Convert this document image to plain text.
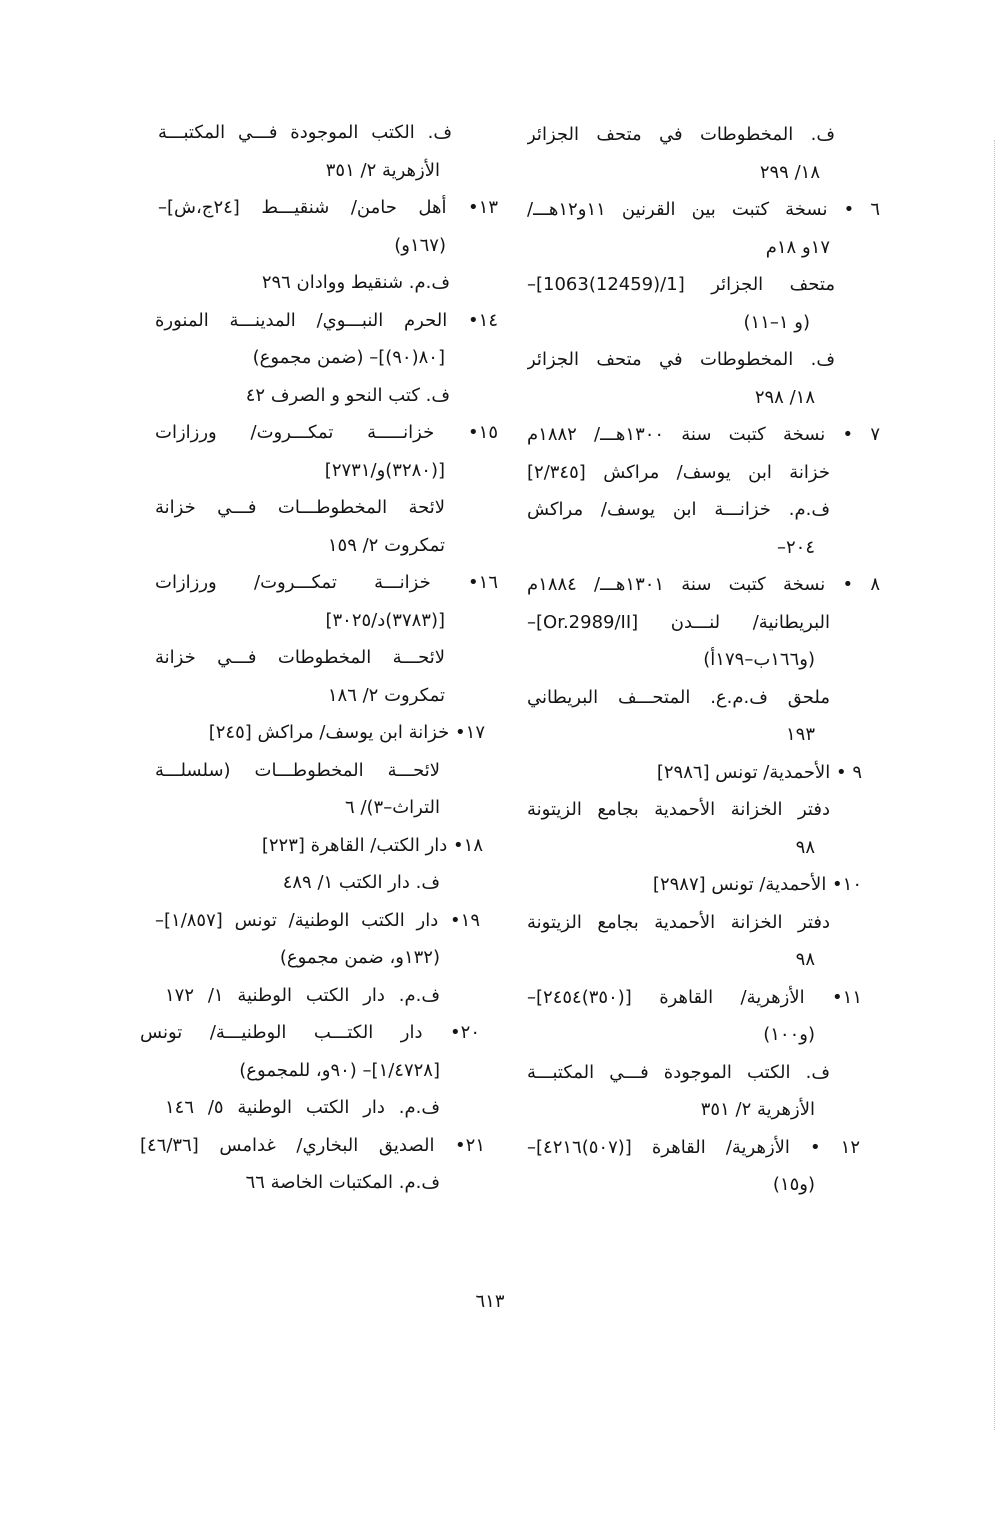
ف. المخطوطات في متحف الجزائر
١٨/ ٢٩٩
٦ • نسخة كتبت بين القرنين ١١و١٢هـــ/
١٧و ١٨م
متحف الجزائر [1/(12459)1063]–
(و ١–١١)
ف. المخطوطات في متحف الجزائر
١٨/ ٢٩٨
٧ • نسخة كتبت سنة ١٣٠٠هـــ/ ١٨٨٢م
خزانة ابن يوسف/ مراكش [٢/٣٤٥]
ف.م. خزانـــة ابن يوسف/ مراكش
٢٠٤–
٨ • نسخة كتبت سنة ١٣٠١هـــ/ ١٨٨٤م
البريطانية/ لنـــدن [Or.2989/II]–
(و١٦٦ب–١٧٩أ)
ملحق ف.م.ع. المتحـــف البريطاني
١٩٣
٩ • الأحمدية/ تونس [٢٩٨٦]
دفتر الخزانة الأحمدية بجامع الزيتونة
٩٨
١٠• الأحمدية/ تونس [٢٩٨٧]
دفتر الخزانة الأحمدية بجامع الزيتونة
٩٨
١١• الأزهرية/ القاهرة [(٣٥٠)٢٤٥٤]–
(و١٠٠)
ف. الكتب الموجودة فـــي المكتبـــة
الأزهرية ٢/ ٣٥١
١٢ • الأزهرية/ القاهرة [(٥٠٧)٤٢١٦]–
(و١٥)
ف. الكتب الموجودة فـــي المكتبـــة
الأزهرية ٢/ ٣٥١
١٣• أهل حامن/ شنقيـــط [٢٤ج،ش]–
(١٦٧و)
ف.م. شنقيط ووادان ٢٩٦
١٤• الحرم النبـــوي/ المدينـــة المنورة
[٨٠(٩٠)]– (ضمن مجموع)
ف. كتب النحو و الصرف ٤٢
١٥• خزانـــــة تمكـــروت/ ورزازات
[(٣٢٨٠)و/٢٧٣١]
لائحة المخطوطـــات فـــي خزانة
تمكروت ٢/ ١٥٩
١٦• خزانـــة تمكـــروت/ ورزازات
[(٣٧٨٣)د/٣٠٢٥]
لائحـــة المخطوطات فـــي خزانة
تمكروت ٢/ ١٨٦
١٧• خزانة ابن يوسف/ مراكش [٢٤٥]
لائحـــة المخطوطـــات (سلسلـــة
التراث–٣)/ ٦
١٨• دار الكتب/ القاهرة [٢٢٣]
ف. دار الكتب ١/ ٤٨٩
١٩• دار الكتب الوطنية/ تونس [١/٨٥٧]–
(١٣٢و، ضمن مجموع)
ف.م. دار الكتب الوطنية ١/ ١٧٢
٢٠• دار الكتـــب الوطنيـــة/ تونس
[١/٤٧٢٨]– (٩٠و، للمجموع)
ف.م. دار الكتب الوطنية ٥/ ١٤٦
٢١• الصديق البخاري/ غدامس [٤٦/٣٦]
ف.م. المكتبات الخاصة ٦٦
٦١٣
